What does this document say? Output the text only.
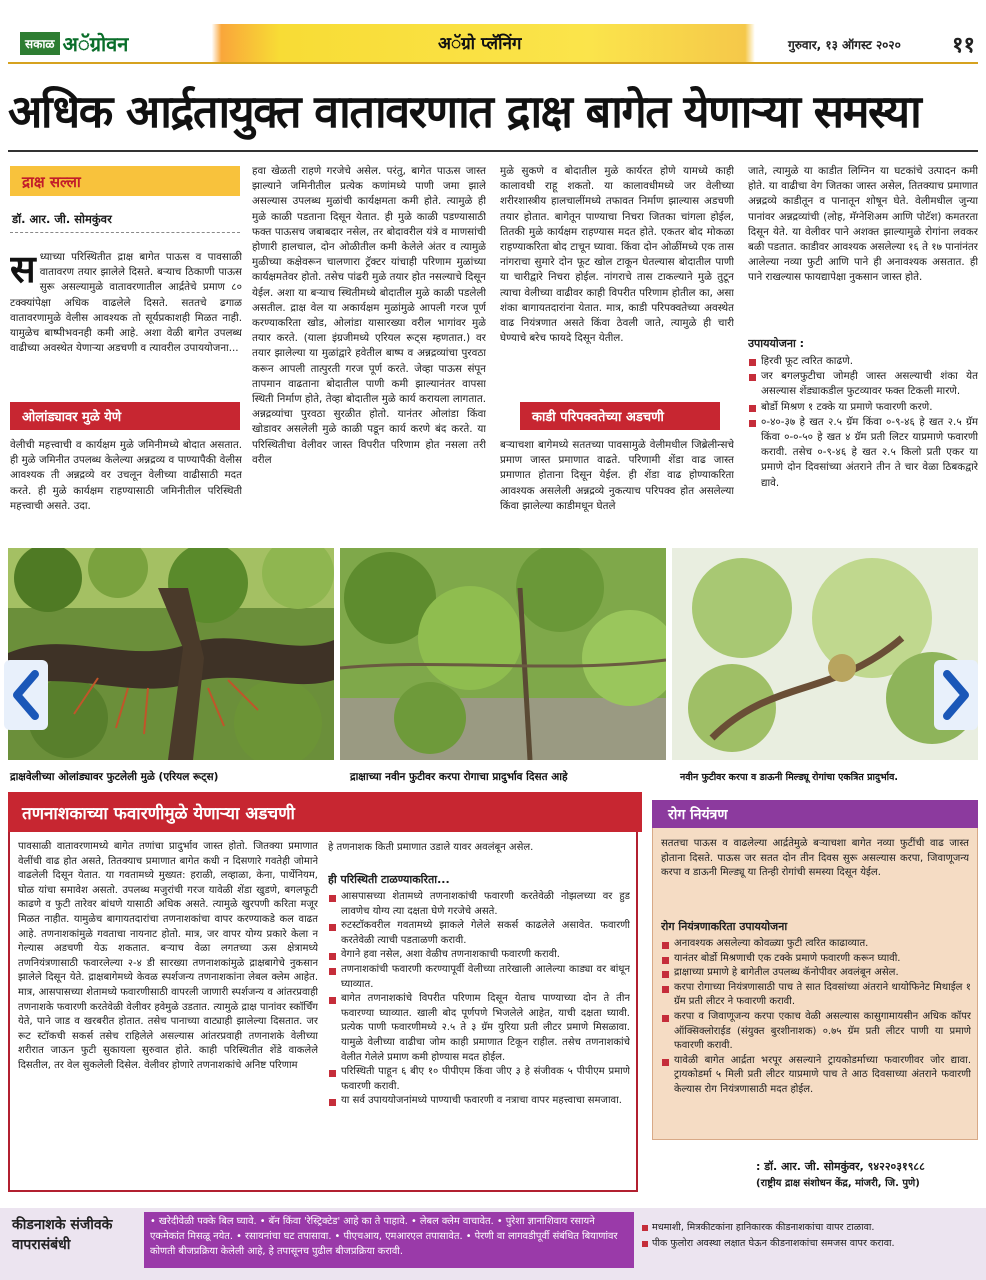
सकाळ अॅग्रोवन	अॅग्रो प्लॅनिंग	गुरुवार, १३ ऑगस्ट २०२० ११
अधिक आर्द्रतायुक्त वातावरणात द्राक्ष बागेत येणाऱ्या समस्या
द्राक्ष सल्ला
डॉ. आर. जी. सोमकुंवर
सध्याच्या परिस्थितीत द्राक्ष बागेत पाऊस व पावसाळी वातावरण तयार झालेले दिसते. बऱ्याच ठिकाणी पाऊस सुरू असल्यामुळे वातावरणातील आर्द्रतेचे प्रमाण ८० टक्क्यांपेक्षा अधिक वाढलेले दिसते. सततचे ढगाळ वातावरणामुळे वेलीस आवश्यक तो सूर्यप्रकाशही मिळत नाही. यामुळेच बाष्पीभवनही कमी आहे. अशा वेळी बागेत उपलब्ध वाढीच्या अवस्थेत येणाऱ्या अडचणी व त्यावरील उपाययोजना...
ओलांड्यावर मुळे येणे
वेलीची महत्त्वाची व कार्यक्षम मुळे जमिनीमध्ये बोदात असतात. ही मुळे जमिनीत उपलब्ध केलेल्या अन्नद्रव्य व पाण्यापैकी वेलीस आवश्यक ती अन्नद्रव्ये वर उचलून वेलीच्या वाढीसाठी मदत करते. ही मुळे कार्यक्षम राहण्यासाठी जमिनीतील परिस्थिती महत्त्वाची असते. उदा.
हवा खेळती राहणे गरजेचे असेल. परंतु, बागेत पाऊस जास्त झाल्याने जमिनीतील प्रत्येक कणांमध्ये पाणी जमा झाले असल्यास उपलब्ध मुळांची कार्यक्षमता कमी होते. त्यामुळे ही मुळे काळी पडताना दिसून येतात. ही मुळे काळी पडण्यासाठी फक्त पाऊसच जबाबदार नसेल, तर बोदावरील यंत्रे व माणसांची होणारी हालचाल, दोन ओळीतील कमी केलेले अंतर व त्यामुळे मुळीच्या कक्षेवरून चालणारा ट्रॅक्टर यांचाही परिणाम मुळांच्या कार्यक्षमतेवर होतो. तसेच पांढरी मुळे तयार होत नसल्याचे दिसून येईल. अशा या बऱ्याच स्थितीमध्ये बोदातील मुळे काळी पडलेली असतील. द्राक्ष वेल या अकार्यक्षम मुळांमुळे आपली गरज पूर्ण करण्याकरिता खोड, ओलांडा यासारख्या वरील भागांवर मुळे तयार करते. (याला इंग्रजीमध्ये एरियल रूट्स म्हणतात.) वर तयार झालेल्या या मुळांद्वारे हवेतील बाष्प व अन्नद्रव्यांचा पुरवठा करून आपली तात्पुरती गरज पूर्ण करते. जेव्हा पाऊस संपून तापमान वाढताना बोदातील पाणी कमी झाल्यानंतर वापसा स्थिती निर्माण होते, तेव्हा बोदातील मुळे कार्य करायला लागतात. अन्नद्रव्यांचा पुरवठा सुरळीत होतो. यानंतर ओलांडा किंवा खोडावर असलेली मुळे काळी पडून कार्य करणे बंद करते. या परिस्थितीचा वेलीवर जास्त विपरीत परिणाम होत नसला तरी वरील
मुळे सुकणे व बोदातील मुळे कार्यरत होणे यामध्ये काही कालावधी राहू शकतो. या कालावधीमध्ये जर वेलीच्या शरीरशास्त्रीय हालचालींमध्ये तफावत निर्माण झाल्यास अडचणी तयार होतात. बागेतून पाण्याचा निचरा जितका चांगला होईल, तितकी मुळे कार्यक्षम राहण्यास मदत होते. एकतर बोद मोकळा राहण्याकरिता बोद टाचून घ्यावा. किंवा दोन ओळींमध्ये एक तास नांगराचा सुमारे दोन फूट खोल टाकून घेतल्यास बोदातील पाणी या चारीद्वारे निचरा होईल. नांगराचे तास टाकल्याने मुळे तुटून त्याचा वेलीच्या वाढीवर काही विपरीत परिणाम होतील का, असा शंका बागायतदारांना येतात. मात्र, काडी परिपक्वतेच्या अवस्थेत वाढ नियंत्रणात असते किंवा ठेवली जाते, त्यामुळे ही चारी घेण्याचे बरेच फायदे दिसून येतील.
काडी परिपक्वतेच्या अडचणी
बऱ्याचशा बागेमध्ये सततच्या पावसामुळे वेलीमधील जिब्रेलीन्सचे प्रमाण जास्त प्रमाणात वाढते. परिणामी शेंडा वाढ जास्त प्रमाणात होताना दिसून येईल. ही शेंडा वाढ होण्याकरिता आवश्यक असलेली अन्नद्रव्ये नुकत्याच परिपक्व होत असलेल्या किंवा झालेल्या काडीमधून घेतले
जाते, त्यामुळे या काडीत लिग्निन या घटकांचे उत्पादन कमी होते. या वाढीचा वेग जितका जास्त असेल, तितक्याच प्रमाणात अन्नद्रव्ये काडीतून व पानातून शोषून घेते. वेलीमधील जुन्या पानांवर अन्नद्रव्यांची (लोह, मॅग्नेशिअम आणि पोटॅश) कमतरता दिसून येते. या वेलीवर पाने अशक्त झाल्यामुळे रोगांना लवकर बळी पडतात. काडीवर आवश्यक असलेल्या १६ ते १७ पानांनंतर आलेल्या नव्या फुटी आणि पाने ही अनावश्यक असतात. ही पाने राखल्यास फायद्यापेक्षा नुकसान जास्त होते.
उपाययोजना :
हिरवी फूट त्वरित काढणे.
जर बगलफुटीचा जोमही जास्त असल्याची शंका येत असल्यास शेंड्याकडील फुटव्यावर फक्त टिकली मारणे.
बोर्डो मिश्रण १ टक्के या प्रमाणे फवारणी करणे.
०-४०-३७ हे खत २.५ ग्रॅम किंवा ०-९-४६ हे खत २.५ ग्रॅम किंवा ०-०-५० हे खत ४ ग्रॅम प्रती लिटर याप्रमाणे फवारणी करावी. तसेच ०-९-४६ हे खत २.५ किलो प्रती एकर या प्रमाणे दोन दिवसांच्या अंतराने तीन ते चार वेळा ठिबकद्वारे द्यावे.
द्राक्षवेलीच्या ओलांड्यावर फुटलेली मुळे (एरियल रूट्स)	द्राक्षाच्या नवीन फुटीवर करपा रोगाचा प्रादुर्भाव दिसत आहे	नवीन फुटीवर करपा व डाऊनी मिल्ड्यू रोगांचा एकत्रित प्रादुर्भाव.
तणनाशकाच्या फवारणीमुळे येणाऱ्या अडचणी
पावसाळी वातावरणामध्ये बागेत तणांचा प्रादुर्भाव जास्त होतो. जितक्या प्रमाणात वेलींची वाढ होत असते, तितक्याच प्रमाणात बागेत कधी न दिसणारे गवतेही जोमाने वाढलेली दिसून येतात. या गवतामध्ये मुख्यत: हराळी, लव्हाळा, केना, पार्थेनियम, घोळ यांचा समावेश असतो. उपलब्ध मजुरांची गरज यावेळी शेंडा खुडणे, बगलफूटी काढणे व फुटी तारेवर बांधणे यासाठी अधिक असते. त्यामुळे खुरपणी करिता मजूर मिळत नाहीत. यामुळेच बागायतदारांचा तणनाशकांचा वापर करण्याकडे कल वाढत आहे. तणनाशकांमुळे गवताचा नायनाट होतो. मात्र, जर वापर योग्य प्रकारे केला न गेल्यास अडचणी येऊ शकतात. बऱ्याच वेळा लगतच्या ऊस क्षेत्रामध्ये तणनियंत्रणासाठी फवारलेल्या २-४ डी सारख्या तणनाशकांमुळे द्राक्षबागेचे नुकसान झालेले दिसून येते. द्राक्षबागेमध्ये केवळ स्पर्शजन्य तणनाशकांना लेबल क्लेम आहेत. मात्र, आसपासच्या शेतामध्ये फवारणीसाठी वापरली जाणारी स्पर्शजन्य व आंतरप्रवाही तणनाशके फवारणी करतेवेळी वेलीवर हवेमुळे उडतात. त्यामुळे द्राक्ष पानांवर स्कॉर्चिंग येते, पाने जाड व खरबरीत होतात. तसेच पानाच्या वाट्याही झालेल्या दिसतात. जर रूट स्टॉकची सकर्स तसेच राहिलेले असल्यास आंतरप्रवाही तणनाशके वेलीच्या शरीरात जाऊन फुटी सुकायला सुरुवात होते. काही परिस्थितीत शेंडे वाकलेले दिसतील, तर वेल सुकलेली दिसेल. वेलीवर होणारे तणनाशकांचे अनिष्ट परिणाम
हे तणनाशक किती प्रमाणात उडाले यावर अवलंबून असेल.
ही परिस्थिती टाळण्याकरिता...
आसपासच्या शेतामध्ये तणनाशकांची फवारणी करतेवेळी नोझलच्या वर हुड लावणेच योग्य त्या दक्षता घेणे गरजेचे असते.
रुटस्टॉकवरील गवतामध्ये झाकले गेलेले सकर्स काढलेले असावेत. फवारणी करतेवेळी त्याची पडताळणी करावी.
वेगाने हवा नसेल, अशा वेळीच तणनाशकाची फवारणी करावी.
तणनाशकांची फवारणी करण्यापूर्वी वेलीच्या तारेखाली आलेल्या काड्या वर बांधून घ्याव्यात.
बागेत तणनाशकांचे विपरीत परिणाम दिसून येताच पाण्याच्या दोन ते तीन फवारण्या घ्याव्यात. खाली बोद पूर्णपणे भिजलेले आहेत, याची दक्षता घ्यावी. प्रत्येक पाणी फवारणीमध्ये २.५ ते ३ ग्रॅम युरिया प्रती लीटर प्रमाणे मिसळावा. यामुळे वेलीच्या वाढीचा जोम काही प्रमाणात टिकून राहील. तसेच तणनाशकांचे वेलीत गेलेले प्रमाण कमी होण्यास मदत होईल.
परिस्थिती पाहून ६ बीए १० पीपीएम किंवा जीए ३ हे संजीवक ५ पीपीएम प्रमाणे फवारणी करावी.
या सर्व उपाययोजनांमध्ये पाण्याची फवारणी व नत्राचा वापर महत्त्वाचा समजावा.
रोग नियंत्रण
सततचा पाऊस व वाढलेल्या आर्द्रतेमुळे बऱ्याचशा बागेत नव्या फुटींची वाढ जास्त होताना दिसते. पाऊस जर सतत दोन तीन दिवस सुरू असल्यास करपा, जिवाणूजन्य करपा व डाऊनी मिल्ड्यू या तिन्ही रोगांची समस्या दिसून येईल.
रोग नियंत्रणाकरिता उपाययोजना
अनावश्यक असलेल्या कोवळ्या फुटी त्वरित काढाव्यात.
यानंतर बोर्डो मिश्रणाची एक टक्के प्रमाणे फवारणी करून घ्यावी.
द्राक्षाच्या प्रमाणे हे बागेतील उपलब्ध कॅनोपीवर अवलंबून असेल.
करपा रोगाच्या नियंत्रणासाठी पाच ते सात दिवसांच्या अंतराने थायोफिनेट मिथाईल १ ग्रॅम प्रती लीटर ने फवारणी करावी.
करपा व जिवाणूजन्य करपा एकाच वेळी असल्यास कासुगामायसीन अधिक कॉपर ऑक्सिक्लोराईड (संयुक्त बुरशीनाशक) ०.७५ ग्रॅम प्रती लीटर पाणी या प्रमाणे फवारणी करावी.
यावेळी बागेत आर्द्रता भरपूर असल्याने ट्रायकोडर्माच्या फवारणीवर जोर द्यावा. ट्रायकोडर्मा ५ मिली प्रती लीटर याप्रमाणे पाच ते आठ दिवसाच्या अंतराने फवारणी केल्यास रोग नियंत्रणासाठी मदत होईल.
: डॉ. आर. जी. सोमकुंवर, ९४२२०३१९८८
(राष्ट्रीय द्राक्ष संशोधन केंद्र, मांजरी, जि. पुणे)
कीडनाशके संजीवके वापरासंबंधी
• खरेदीवेळी पक्के बिल घ्यावे. • बॅन किंवा 'रेस्ट्रिक्टेड' आहे का ते पाहावे. • लेबल क्लेम वाचावेत. • पुरेशा ज्ञानाशिवाय रसायने एकमेकांत मिसळू नयेत. • रसायनांचा घट तपासावा. • पीएचआय, एमआरएल तपासावेत. • पेरणी वा लागवडीपूर्वी संबंधित बियाणांवर कोणती बीजप्रक्रिया केलेली आहे, हे तपासूनच पुढील बीजप्रक्रिया करावी.
मधमाशी, मित्रकीटकांना हानिकारक कीडनाशकांचा वापर टाळावा.
पीक फुलोरा अवस्था लक्षात घेऊन कीडनाशकांचा समजस वापर करावा.
